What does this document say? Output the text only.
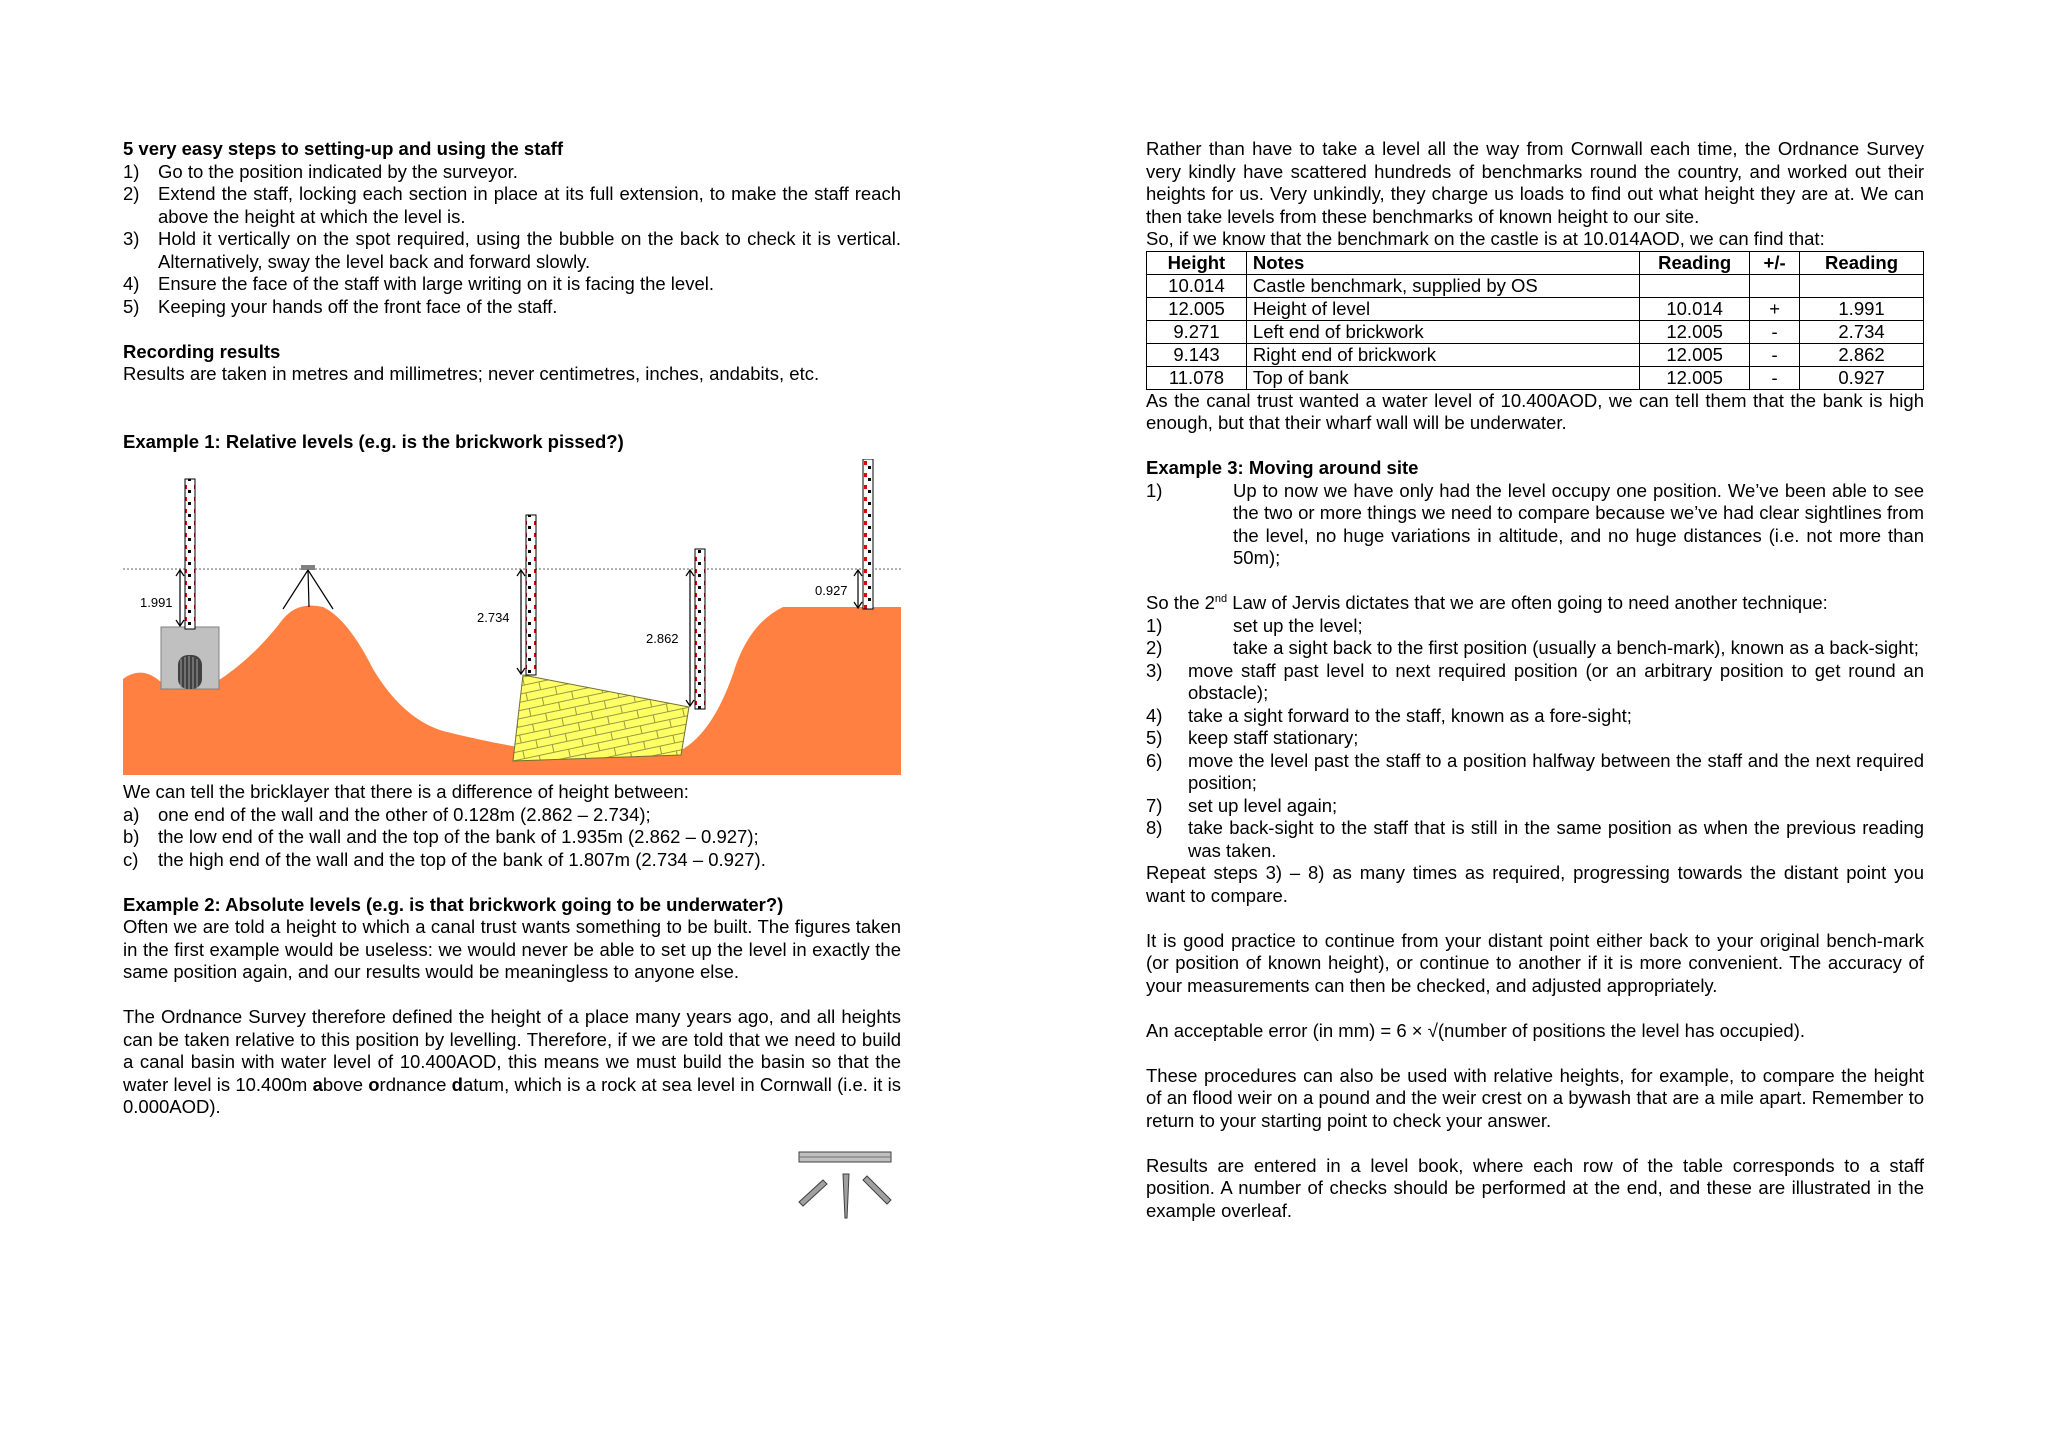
5 very easy steps to setting-up and using the staff
1) Go to the position indicated by the surveyor.
2) Extend the staff, locking each section in place at its full extension, to make the staff reach above the height at which the level is.
3) Hold it vertically on the spot required, using the bubble on the back to check it is vertical. Alternatively, sway the level back and forward slowly.
4) Ensure the face of the staff with large writing on it is facing the level.
5) Keeping your hands off the front face of the staff.
Recording results

Results are taken in metres and millimetres; never centimetres, inches, andabits, etc.

Example 1: Relative levels (e.g. is the brickwork pissed?)
1.991
2.734
2.862
0.927

We can tell the bricklayer that there is a difference of height between:

a) one end of the wall and the other of 0.128m (2.862 – 2.734);
b) the low end of the wall and the top of the bank of 1.935m (2.862 – 0.927);
c) the high end of the wall and the top of the bank of 1.807m (2.734 – 0.927).
Example 2: Absolute levels (e.g. is that brickwork going to be underwater?)

Often we are told a height to which a canal trust wants something to be built. The figures taken in the first example would be useless: we would never be able to set up the level in exactly the same position again, and our results would be meaningless to anyone else.

The Ordnance Survey therefore defined the height of a place many years ago, and all heights can be taken relative to this position by levelling. Therefore, if we are told that we need to build a canal basin with water level of 10.400AOD, this means we must build the basin so that the water level is 10.400m above ordnance datum, which is a rock at sea level in Cornwall (i.e. it is 0.000AOD).

Rather than have to take a level all the way from Cornwall each time, the Ordnance Survey very kindly have scattered hundreds of benchmarks round the country, and worked out their heights for us. Very unkindly, they charge us loads to find out what height they are at. We can then take levels from these benchmarks of known height to our site.

So, if we know that the benchmark on the castle is at 10.014AOD, we can find that:

Height	Notes	Reading	+/-	Reading
10.014	Castle benchmark, supplied by OS			
12.005	Height of level	10.014	+	1.991
9.271	Left end of brickwork	12.005	-	2.734
9.143	Right end of brickwork	12.005	-	2.862
11.078	Top of bank	12.005	-	0.927

As the canal trust wanted a water level of 10.400AOD, we can tell them that the bank is high enough, but that their wharf wall will be underwater.

Example 3: Moving around site
1)	Up to now we have only had the level occupy one position. We’ve been able to see the two or more things we need to compare because we’ve had clear sightlines from the level, no huge variations in altitude, and no huge distances (i.e. not more than 50m);

So the 2nd Law of Jervis dictates that we are often going to need another technique:

1)	set up the level;
2)	take a sight back to the first position (usually a bench-mark), known as a back-sight;
3) move staff past level to next required position (or an arbitrary position to get round an obstacle);
4) take a sight forward to the staff, known as a fore-sight;
5) keep staff stationary;
6) move the level past the staff to a position halfway between the staff and the next required position;
7) set up level again;
8) take back-sight to the staff that is still in the same position as when the previous reading was taken.

Repeat steps 3) – 8) as many times as required, progressing towards the distant point you want to compare.

It is good practice to continue from your distant point either back to your original bench-mark (or position of known height), or continue to another if it is more convenient. The accuracy of your measurements can then be checked, and adjusted appropriately.

An acceptable error (in mm) = 6 × √(number of positions the level has occupied).

These procedures can also be used with relative heights, for example, to compare the height of an flood weir on a pound and the weir crest on a bywash that are a mile apart. Remember to return to your starting point to check your answer.

Results are entered in a level book, where each row of the table corresponds to a staff position. A number of checks should be performed at the end, and these are illustrated in the example overleaf.
